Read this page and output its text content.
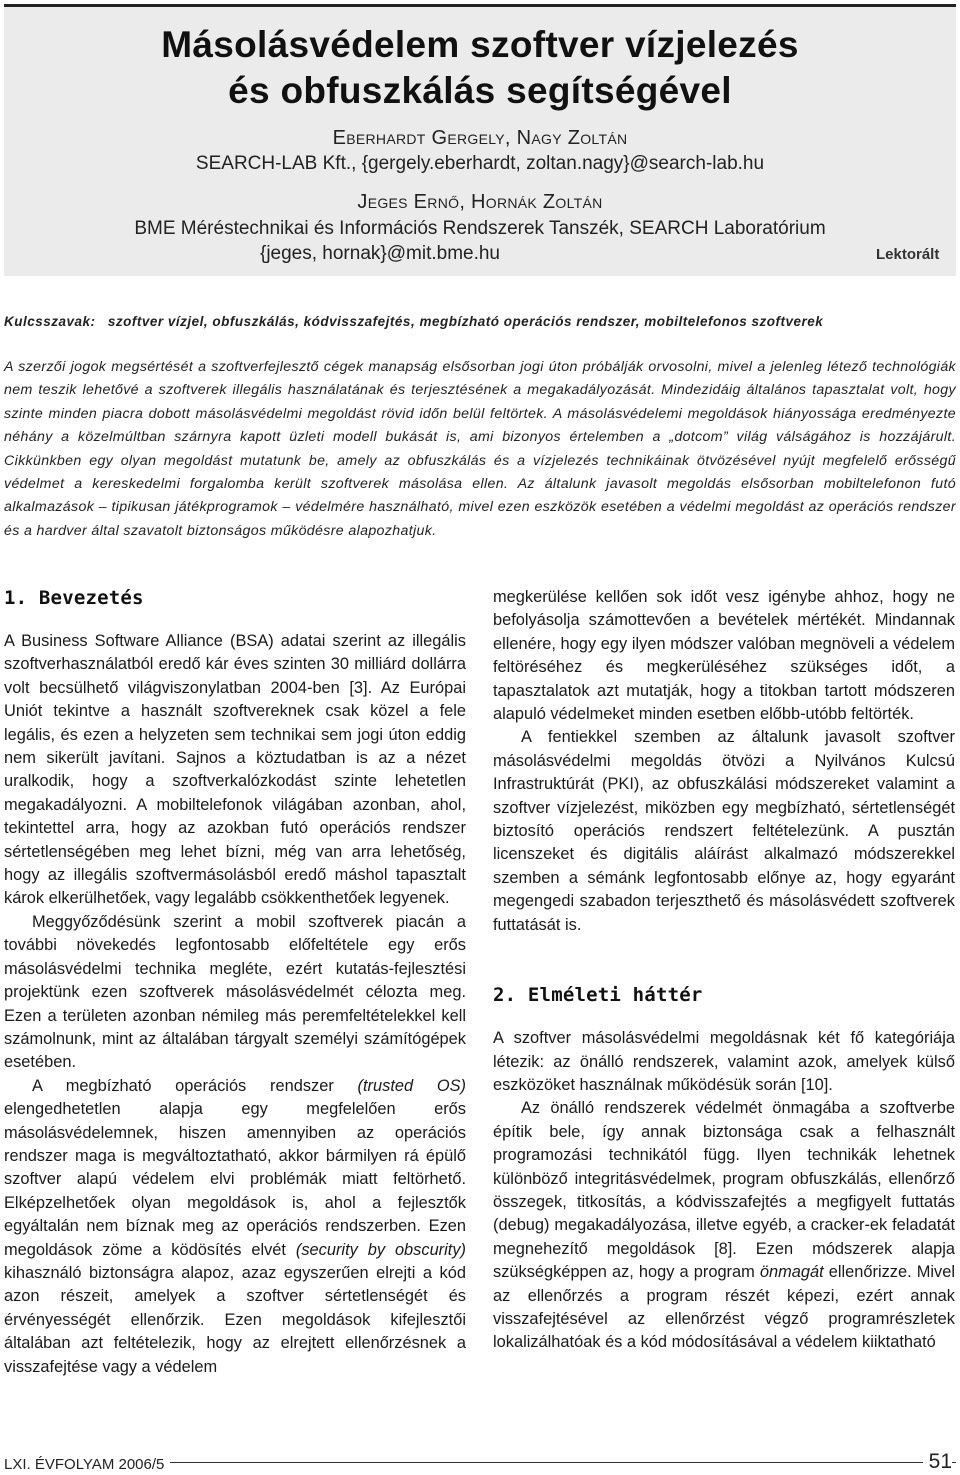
Másolásvédelem szoftver vízjelezés
és obfuszkálás segítségével
Eberhardt Gergely, Nagy Zoltán
SEARCH-LAB Kft., {gergely.eberhardt, zoltan.nagy}@search-lab.hu
Jeges Ernő, Hornák Zoltán
BME Méréstechnikai és Információs Rendszerek Tanszék, SEARCH Laboratórium
{jeges, hornak}@mit.bme.hu	Lektorált
Kulcsszavak: szoftver vízjel, obfuszkálás, kódvisszafejtés, megbízható operációs rendszer, mobiltelefonos szoftverek
A szerzői jogok megsértését a szoftverfejlesztő cégek manapság elsősorban jogi úton próbálják orvosolni, mivel a jelenleg létező technológiák nem teszik lehetővé a szoftverek illegális használatának és terjesztésének a megakadályozását. Mindezidáig általános tapasztalat volt, hogy szinte minden piacra dobott másolásvédelmi megoldást rövid időn belül feltörtek. A másolásvédelemi megoldások hiányossága eredményezte néhány a közelmúltban szárnyra kapott üzleti modell bukását is, ami bizonyos értelemben a „dotcom” világ válságához is hozzájárult. Cikkünkben egy olyan megoldást mutatunk be, amely az obfuszkálás és a vízjelezés technikáinak ötvözésével nyújt megfelelő erősségű védelmet a kereskedelmi forgalomba került szoftverek másolása ellen. Az általunk javasolt megoldás elsősorban mobiltelefonon futó alkalmazások – tipikusan játékprogramok – védelmére használható, mivel ezen eszközök esetében a védelmi megoldást az operációs rendszer és a hardver által szavatolt biztonságos működésre alapozhatjuk.
1. Bevezetés

A Business Software Alliance (BSA) adatai szerint az illegális szoftverhasználatból eredő kár éves szinten 30 milliárd dollárra volt becsülhető világviszonylatban 2004-ben [3]. Az Európai Uniót tekintve a használt szoftvereknek csak közel a fele legális, és ezen a helyzeten sem technikai sem jogi úton eddig nem sikerült javítani. Sajnos a köztudatban is az a nézet uralkodik, hogy a szoftverkalózkodást szinte lehetetlen megakadályozni. A mobiltelefonok világában azonban, ahol, tekintettel arra, hogy az azokban futó operációs rendszer sértetlenségében meg lehet bízni, még van arra lehetőség, hogy az illegális szoftvermásolásból eredő máshol tapasztalt károk elkerülhetőek, vagy legalább csökkenthetőek legyenek.

Meggyőződésünk szerint a mobil szoftverek piacán a további növekedés legfontosabb előfeltétele egy erős másolásvédelmi technika megléte, ezért kutatás-fejlesztési projektünk ezen szoftverek másolásvédelmét célozta meg. Ezen a területen azonban némileg más peremfeltételekkel kell számolnunk, mint az általában tárgyalt személyi számítógépek esetében.

A megbízható operációs rendszer (trusted OS) elengedhetetlen alapja egy megfelelően erős másolásvédelemnek, hiszen amennyiben az operációs rendszer maga is megváltoztatható, akkor bármilyen rá épülő szoftver alapú védelem elvi problémák miatt feltörhető. Elképzelhetőek olyan megoldások is, ahol a fejlesztők egyáltalán nem bíznak meg az operációs rendszerben. Ezen megoldások zöme a ködösítés elvét (security by obscurity) kihasználó biztonságra alapoz, azaz egyszerűen elrejti a kód azon részeit, amelyek a szoftver sértetlenségét és érvényességét ellenőrzik. Ezen megoldások kifejlesztői általában azt feltételezik, hogy az elrejtett ellenőrzésnek a visszafejtése vagy a védelem

megkerülése kellően sok időt vesz igénybe ahhoz, hogy ne befolyásolja számottevően a bevételek mértékét. Mindannak ellenére, hogy egy ilyen módszer valóban megnöveli a védelem feltöréséhez és megkerüléséhez szükséges időt, a tapasztalatok azt mutatják, hogy a titokban tartott módszeren alapuló védelmeket minden esetben előbb-utóbb feltörték.

A fentiekkel szemben az általunk javasolt szoftver másolásvédelmi megoldás ötvözi a Nyilvános Kulcsú Infrastruktúrát (PKI), az obfuszkálási módszereket valamint a szoftver vízjelezést, miközben egy megbízható, sértetlenségét biztosító operációs rendszert feltételezünk. A pusztán licenszeket és digitális aláírást alkalmazó módszerekkel szemben a sémánk legfontosabb előnye az, hogy egyaránt megengedi szabadon terjeszthető és másolásvédett szoftverek futtatását is.

2. Elméleti háttér

A szoftver másolásvédelmi megoldásnak két fő kategóriája létezik: az önálló rendszerek, valamint azok, amelyek külső eszközöket használnak működésük során [10].

Az önálló rendszerek védelmét önmagába a szoftverbe építik bele, így annak biztonsága csak a felhasznált programozási technikától függ. Ilyen technikák lehetnek különböző integritásvédelmek, program obfuszkálás, ellenőrző összegek, titkosítás, a kódvisszafejtés a megfigyelt futtatás (debug) megakadályozása, illetve egyéb, a cracker-ek feladatát megnehezítő megoldások [8]. Ezen módszerek alapja szükségképpen az, hogy a program önmagát ellenőrizze. Mivel az ellenőrzés a program részét képezi, ezért annak visszafejtésével az ellenőrzést végző programrészletek lokalizálhatóak és a kód módosításával a védelem kiiktatható

LXI. ÉVFOLYAM 2006/5	51
